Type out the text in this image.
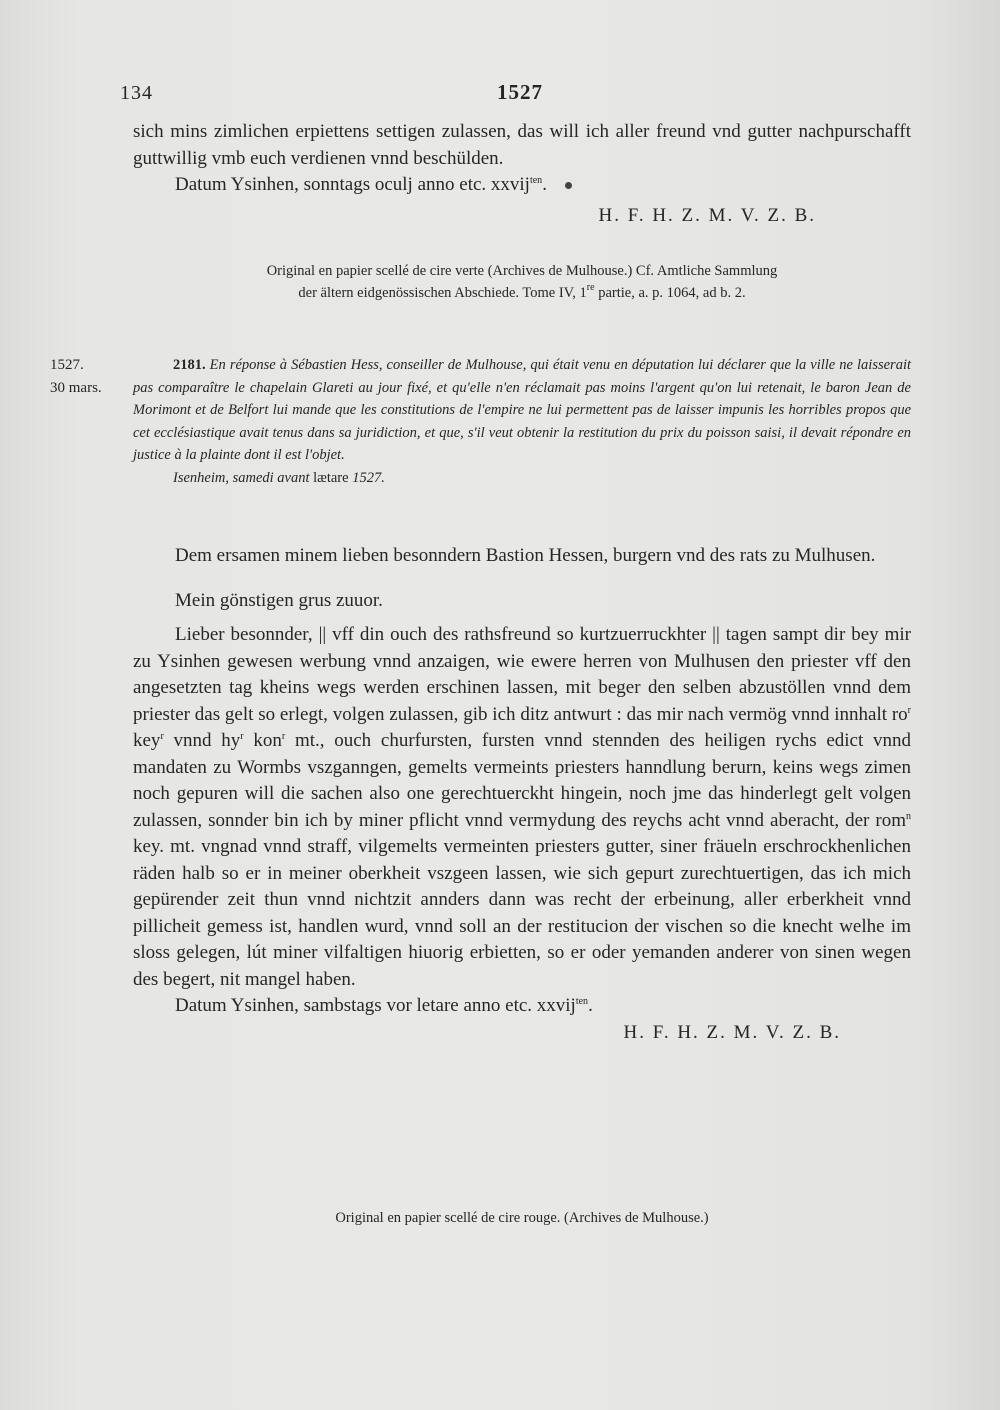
134	1527

sich mins zimlichen erpiettens settigen zulassen, das will ich aller freund vnd gutter nachpurschafft guttwillig vmb euch verdienen vnnd beschülden.

Datum Ysinhen, sonntags oculj anno etc. xxvij$^{ten}$.

H. F. H. Z. M. V. Z. B.

Original en papier scellé de cire verte (Archives de Mulhouse.) Cf. Amtliche Sammlung

der ältern eidgenössischen Abschiede. Tome IV, 1re partie, a. p. 1064, ad b. 2.

1527.
30 mars.

2181. En réponse à Sébastien Hess, conseiller de Mulhouse, qui était venu en députation lui déclarer que la ville ne laisserait pas comparaître le chapelain Glareti au jour fixé, et qu'elle n'en réclamait pas moins l'argent qu'on lui retenait, le baron Jean de Morimont et de Belfort lui mande que les constitutions de l'empire ne lui permettent pas de laisser impunis les horribles propos que cet ecclésiastique avait tenus dans sa juridiction, et que, s'il veut obtenir la restitution du prix du poisson saisi, il devait répondre en justice à la plainte dont il est l'objet.

Isenheim, samedi avant lætare 1527.

Dem ersamen minem lieben besonndern Bastion Hessen, burgern vnd des rats zu Mulhusen.

Mein gönstigen grus zuuor.

Lieber besonnder, || vff din ouch des rathsfreund so kurtzuerruckhter || tagen sampt dir bey mir zu Ysinhen gewesen werbung vnnd anzaigen, wie ewere herren von Mulhusen den priester vff den angesetzten tag kheins wegs werden erschinen lassen, mit beger den selben abzustöllen vnnd dem priester das gelt so erlegt, volgen zulassen, gib ich ditz antwurt : das mir nach vermög vnnd innhalt $ro^r$ key$^r$ vnnd $hy^r$ kon$^r$ mt., ouch churfursten, fursten vnnd stennden des heiligen rychs edict vnnd mandaten zu Wormbs vszganngen, gemelts vermeints priesters hanndlung berurn, keins wegs zimen noch gepuren will die sachen also one gerechtuerckht hingein, noch jme das hinderlegt gelt volgen zulassen, sonnder bin ich by miner pflicht vnnd vermydung des reychs acht vnnd aberacht, der rom$^n$ key. mt. vngnad vnnd straff, vilgemelts vermeinten priesters gutter, siner fräueln erschrockhenlichen räden halb so er in meiner oberkheit vszgeen lassen, wie sich gepurt zurechtuertigen, das ich mich gepürender zeit thun vnnd nichtzit annders dann was recht der erbeinung, aller erberkheit vnnd pillicheit gemess ist, handlen wurd, vnnd soll an der restitucion der vischen so die knecht welhe im sloss gelegen, lút miner vilfaltigen hiuorig erbietten, so er oder yemanden anderer von sinen wegen des begert, nit mangel haben.

Datum Ysinhen, sambstags vor letare anno etc. xxvij$^{ten}$.

H. F. H. Z. M. V. Z. B.

Original en papier scellé de cire rouge. (Archives de Mulhouse.)
